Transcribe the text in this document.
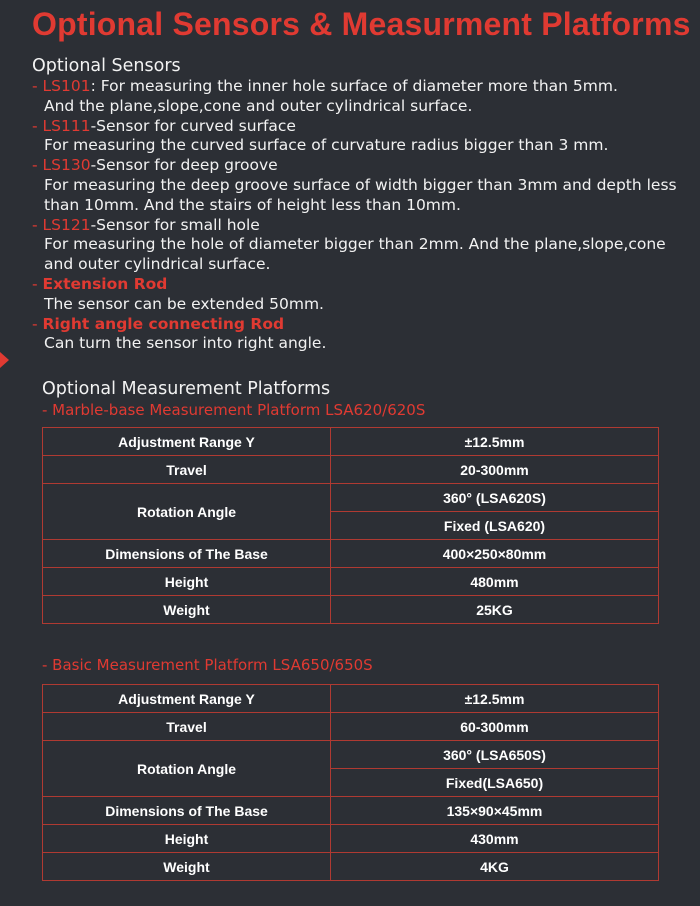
Optional Sensors & Measurment Platforms
Optional Sensors
- LS101: For measuring the inner hole surface of diameter more than 5mm.
And the plane,slope,cone and outer cylindrical surface.
- LS111-Sensor for curved surface
For measuring the curved surface of curvature radius bigger than 3 mm.
- LS130-Sensor for deep groove
For measuring the deep groove surface of width bigger than 3mm and depth less than 10mm. And the stairs of height less than 10mm.
- LS121-Sensor for small hole
For measuring the hole of diameter bigger than 2mm. And the plane,slope,cone and outer cylindrical surface.
- Extension Rod
The sensor can be extended 50mm.
- Right angle connecting Rod
Can turn the sensor into right angle.
Optional Measurement Platforms
- Marble-base Measurement Platform LSA620/620S
Adjustment Range Y	±12.5mm
Travel	20-300mm
Rotation Angle	360° (LSA620S)
	Fixed (LSA620)
Dimensions of The Base	400×250×80mm
Height	480mm
Weight	25KG
- Basic Measurement Platform LSA650/650S
Adjustment Range Y	±12.5mm
Travel	60-300mm
Rotation Angle	360° (LSA650S)
	Fixed(LSA650)
Dimensions of The Base	135×90×45mm
Height	430mm
Weight	4KG
